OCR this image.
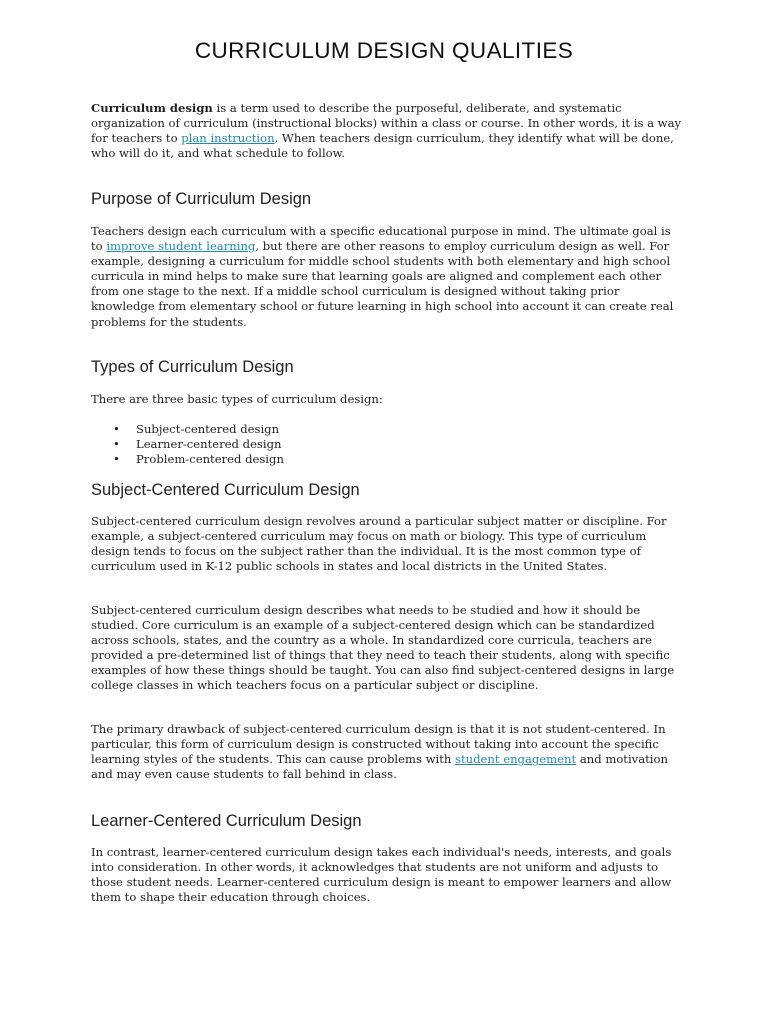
CURRICULUM DESIGN QUALITIES

Curriculum design is a term used to describe the purposeful, deliberate, and systematic organization of curriculum (instructional blocks) within a class or course. In other words, it is a way for teachers to plan instruction. When teachers design curriculum, they identify what will be done, who will do it, and what schedule to follow.

Purpose of Curriculum Design

Teachers design each curriculum with a specific educational purpose in mind. The ultimate goal is to improve student learning, but there are other reasons to employ curriculum design as well. For example, designing a curriculum for middle school students with both elementary and high school curricula in mind helps to make sure that learning goals are aligned and complement each other from one stage to the next. If a middle school curriculum is designed without taking prior knowledge from elementary school or future learning in high school into account it can create real problems for the students.

Types of Curriculum Design

There are three basic types of curriculum design:

• Subject-centered design
• Learner-centered design
• Problem-centered design
Subject-Centered Curriculum Design

Subject-centered curriculum design revolves around a particular subject matter or discipline. For example, a subject-centered curriculum may focus on math or biology. This type of curriculum design tends to focus on the subject rather than the individual. It is the most common type of curriculum used in K-12 public schools in states and local districts in the United States.

Subject-centered curriculum design describes what needs to be studied and how it should be studied. Core curriculum is an example of a subject-centered design which can be standardized across schools, states, and the country as a whole. In standardized core curricula, teachers are provided a pre-determined list of things that they need to teach their students, along with specific examples of how these things should be taught. You can also find subject-centered designs in large college classes in which teachers focus on a particular subject or discipline.

The primary drawback of subject-centered curriculum design is that it is not student-centered. In particular, this form of curriculum design is constructed without taking into account the specific learning styles of the students. This can cause problems with student engagement and motivation and may even cause students to fall behind in class.

Learner-Centered Curriculum Design

In contrast, learner-centered curriculum design takes each individual's needs, interests, and goals into consideration. In other words, it acknowledges that students are not uniform and adjusts to those student needs. Learner-centered curriculum design is meant to empower learners and allow them to shape their education through choices.
